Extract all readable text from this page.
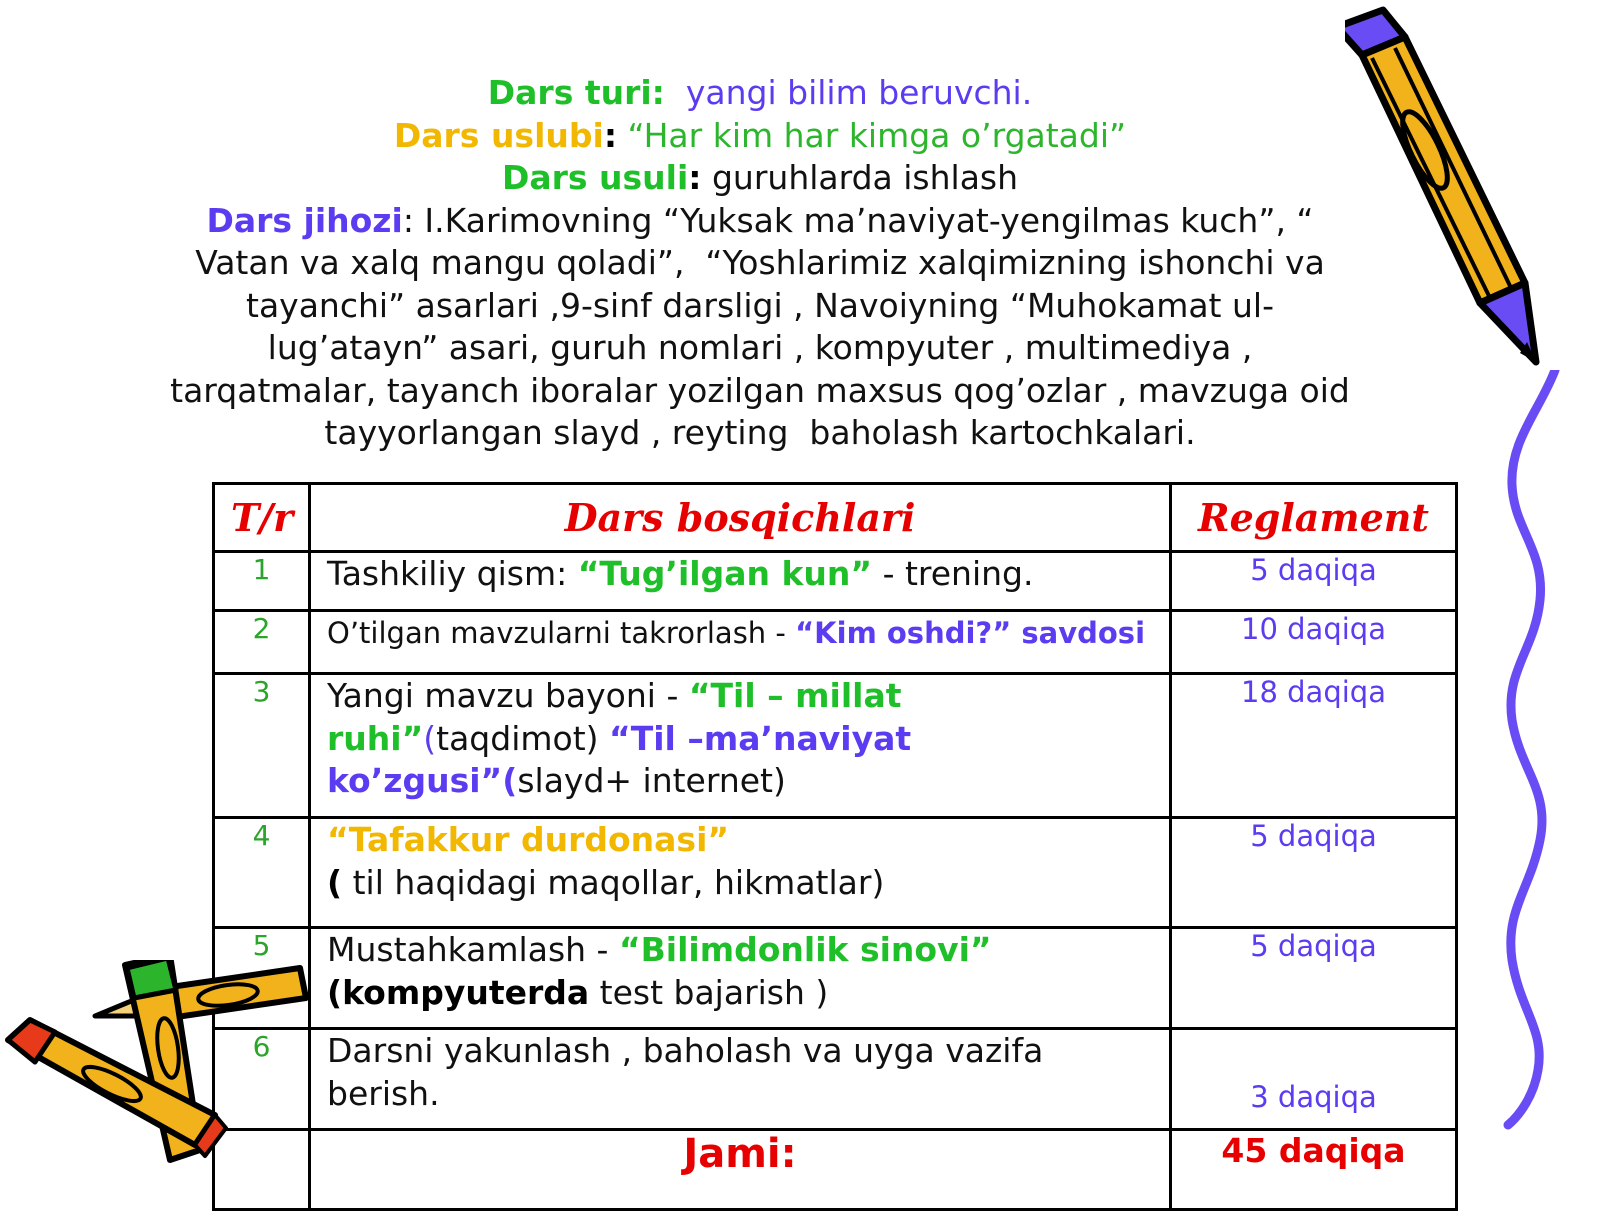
Dars turi: yangi bilim beruvchi.
Dars uslubi: “Har kim har kimga o’rgatadi”
Dars usuli: guruhlarda ishlash
Dars jihozi: I.Karimovning “Yuksak ma’naviyat-yengilmas kuch”, “
Vatan va xalq mangu qoladi”,  “Yoshlarimiz xalqimizning ishonchi va
tayanchi” asarlari ,9-sinf darsligi , Navoiyning “Muhokamat ul-
lug’atayn” asari, guruh nomlari , kompyuter , multimediya ,
tarqatmalar, tayanch iboralar yozilgan maxsus qog’ozlar , mavzuga oid
tayyorlangan slayd , reyting  baholash kartochkalari.
T/r	Dars bosqichlari	Reglament
1	Tashkiliy qism: “Tug’ilgan kun” - trening.	5 daqiqa
2	O’tilgan mavzularni takrorlash - “Kim oshdi?” savdosi	10 daqiqa
3	Yangi mavzu bayoni - “Til – millat ruhi”(taqdimot) “Til –ma’naviyat ko’zgusi”(slayd+ internet)	18 daqiqa
4	“Tafakkur durdonasi”
( til haqidagi maqollar, hikmatlar)	5 daqiqa
5	Mustahkamlash - “Bilimdonlik sinovi”
(kompyuterda test bajarish )	5 daqiqa
6	Darsni yakunlash , baholash va uyga vazifa berish.	3 daqiqa
	Jami:	45 daqiqa
